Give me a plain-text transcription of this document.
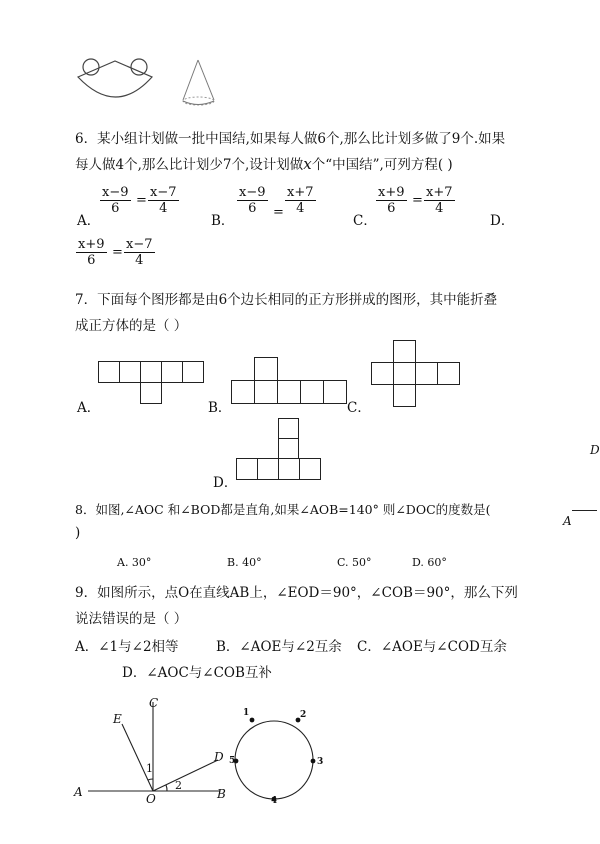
6．某小组计划做一批中国结,如果每人做6个,那么比计划多做了9个.如果
每人做4个,那么比计划少7个,设计划做x个“中国结”,可列方程( )
A．
$\frac{x-9}{6} = \frac{x-7}{4}$
B．
$\frac{x-9}{6} = \frac{x+7}{4}$
C．
$\frac{x+9}{6} = \frac{x+7}{4}$
D．
$\frac{x+9}{6} = \frac{x-7}{4}$
7．下面每个图形都是由6个边长相同的正方形拼成的图形，其中能折叠
成正方体的是（ ）
A．	B．	C．
D．
D
A
8．如图,∠AOC 和∠BOD都是直角,如果∠AOB=140° 则∠DOC的度数是(
)
A. 30°	B. 40°	C. 50°	D. 60°
9．如图所示，点O在直线AB上，∠EOD＝90°，∠COB＝90°，那么下列
说法错误的是（ ）
A．∠1与∠2相等	B．∠AOE与∠2互余 C．∠AOE与∠COD互余
D．∠AOC与∠COB互补
A	B
C
D
E
O
1
2
1	2
3
4
5
